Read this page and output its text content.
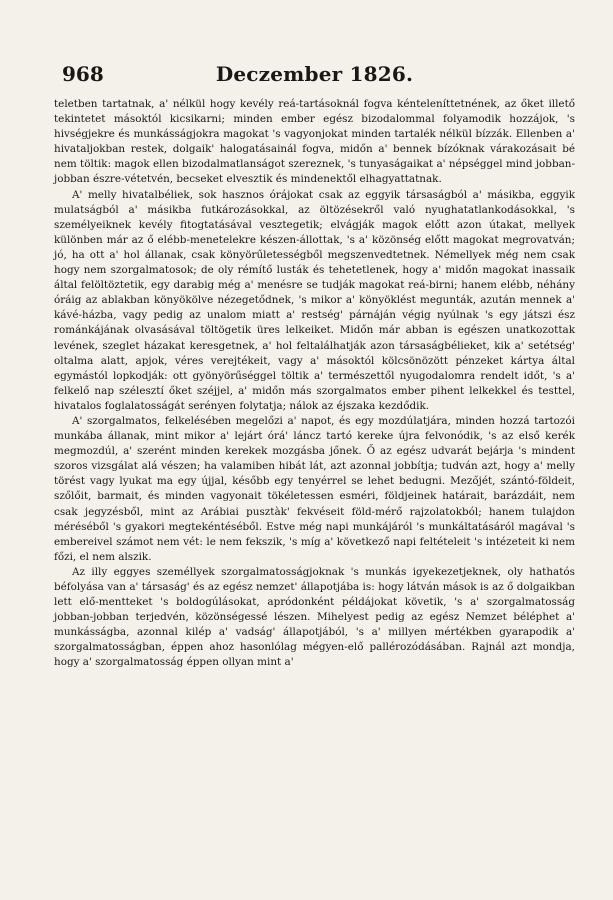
968	Deczember 1826.

teletben tartatnak, a' nélkül hogy kevély reá-tartásoknál fogva kénteleníttetnének, az őket illető tekintetet másoktól kicsikarni; minden ember egész bizodalommal folyamodik hozzájok, 's hivségjekre és munkásságjokra magokat 's vagyonjokat minden tartalék nélkül bízzák. Ellenben a' hivataljokban restek, dolgaik' halogatásainál fogva, midőn a' bennek bízóknak várakozásait bé nem töltik: magok ellen bizodalmatlanságot szereznek, 's tunyaságaikat a' népséggel mind jobban-jobban észre-vétetvén, becseket elvesztik és mindenektől elhagyattatnak.

A' melly hivatalbéliek, sok hasznos órájokat csak az eggyik társaságból a' másikba, eggyik mulatságból a' másikba futkározásokkal, az öltözésekről való nyughatatlankodásokkal, 's személyeiknek kevély fitogtatásával vesztegetik; elvágják magok előtt azon útakat, mellyek különben már az ő elébb-menetelekre készen-állottak, 's a' közönség előtt magokat megrovatván; jó, ha ott a' hol állanak, csak könyörűletességből megszenvedtetnek. Némellyek még nem csak hogy nem szorgalmatosok; de oly rémítő lusták és tehetetlenek, hogy a' midőn magokat inassaik által felöltöztetik, egy darabig még a' menésre se tudják magokat reá-birni; hanem elébb, néhány óráig az ablakban könyökölve nézegetődnek, 's mikor a' könyöklést megunták, azután mennek a' kávé-házba, vagy pedig az unalom miatt a' restség' párnáján végig nyúlnak 's egy játszi ész románkájának olvasásával töltögetik üres lelkeiket. Midőn már abban is egészen unatkozottak levének, szeglet házakat keresgetnek, a' hol feltalálhatják azon társaságbélieket, kik a' setétség' oltalma alatt, apjok, véres verejtékeit, vagy a' másoktól kölcsönözött pénzeket kártya által egymástól lopkodják: ott gyönyörűséggel töltik a' természettől nyugodalomra rendelt időt, 's a' felkelő nap szélesztí őket széjjel, a' midőn más szorgalmatos ember pihent lelkekkel és testtel, hivatalos foglalatosságát serényen folytatja; nálok az éjszaka kezdődik.

A' szorgalmatos, felkelésében megelőzi a' napot, és egy mozdúlatjára, minden hozzá tartozói munkába állanak, mint mikor a' lejárt órá' láncz tartó kereke újra felvonódik, 's az első kerék megmozdúl, a' szerént minden kerekek mozgásba jőnek. Ő az egész udvarát bejárja 's mindent szoros vizsgálat alá vészen; ha valamiben hibát lát, azt azonnal jobbítja; tudván azt, hogy a' melly törést vagy lyukat ma egy újjal, később egy tenyérrel se lehet bedugni. Mezőjét, szántó-földeit, szőlőit, barmait, és minden vagyonait tökéletessen esméri, földjeinek határait, barázdáit, nem csak jegyzésből, mint az Arábiai pusztàk' fekvéseit föld-mérő rajzolatokból; hanem tulajdon méréséből 's gyakori megtekéntéséből. Estve még napi munkájáról 's munkáltatásáról magával 's embereivel számot nem vét: le nem fekszik, 's míg a' következő napi feltételeit 's intézeteit ki nem főzi, el nem alszik.

Az illy eggyes személlyek szorgalmatosságjoknak 's munkás igyekezetjeknek, oly hathatós béfolyása van a' társaság' és az egész nemzet' állapotjába is: hogy látván mások is az ő dolgaikban lett elő-mentteket 's boldogúlásokat, apródonként példájokat követik, 's a' szorgalmatosság jobban-jobban terjedvén, közönségessé lészen. Mihelyest pedig az egész Nemzet béléphet a' munkásságba, azonnal kilép a' vadság' állapotjából, 's a' millyen mértékben gyarapodik a' szorgalmatosságban, éppen ahoz hasonlólag mégyen-elő pallérozódásában. Rajnál azt mondja, hogy a' szorgalmatosság éppen ollyan mint a'
